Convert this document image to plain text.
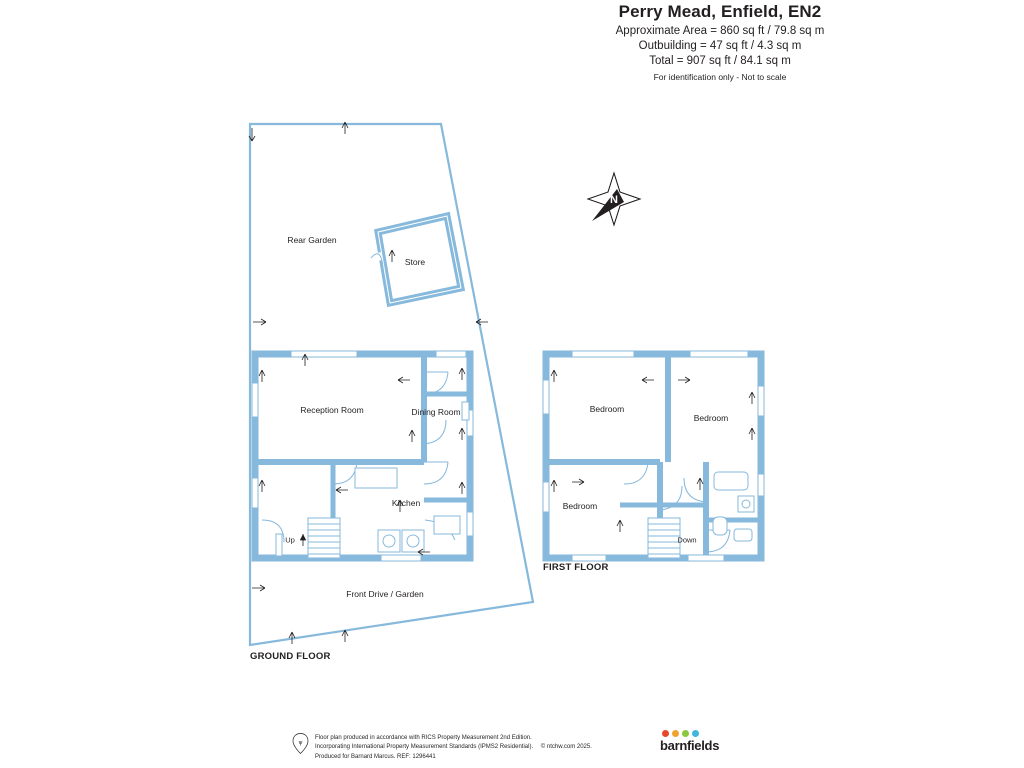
Perry Mead, Enfield, EN2
Approximate Area = 860 sq ft / 79.8 sq m
Outbuilding = 47 sq ft / 4.3 sq m
Total = 907 sq ft / 84.1 sq m
For identification only - Not to scale
N
GROUND FLOOR
FIRST FLOOR
Rear Garden
Store
Reception Room	Dining Room
Kitchen
Front Drive / Garden
Bedroom
Bedroom
Bedroom
Up	Down
ѱ
Floor plan produced in accordance with RICS Property Measurement 2nd Edition.
Incorporating International Property Measurement Standards (IPMS2 Residential). © ntchw.com 2025.
Produced for Barnard Marcus. REF: 1296441
barnfields
